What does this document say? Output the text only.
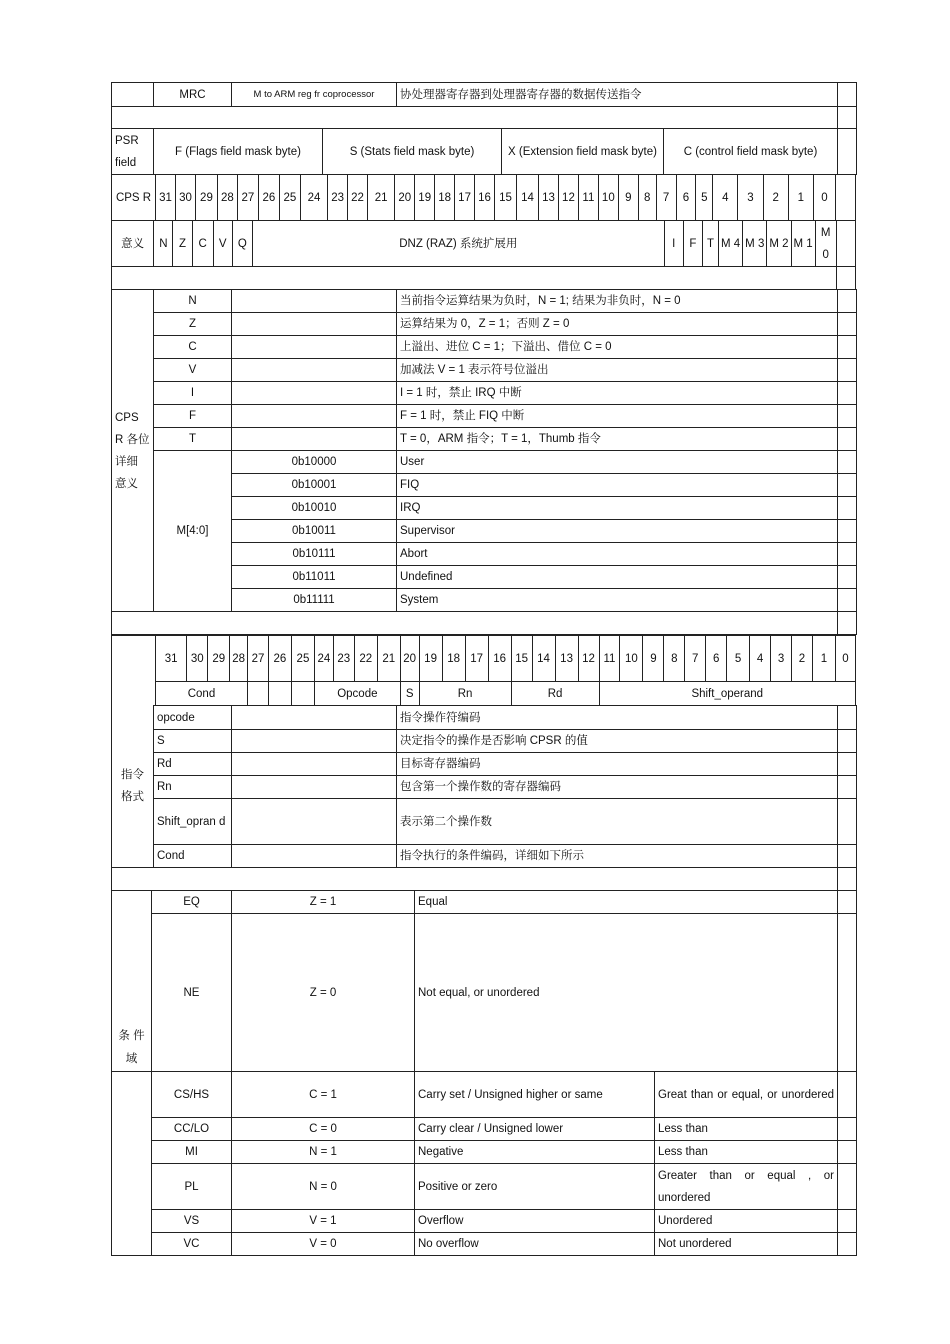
	MRC	M to ARM reg fr coprocessor	协处理器寄存器到处理器寄存器的数据传送指令	

PSR field	F (Flags field mask byte)	S (Stats field mask byte)	X (Extension field mask byte)	C (control field mask byte)	
CPS R	31	30	29	28	27	26	25	24	23	22	21	20	19	18	17	16	15	14	13	12	11	10	9	8	7	6	5	4	3	2	1	0	
意义	N	Z	C	V	Q	DNZ (RAZ) 系统扩展用	I	F	T	M 4	M 3	M 2	M 1	M 0	

CPS R 各位 详细 意义	N		当前指令运算结果为负时，N = 1; 结果为非负时，N = 0	
	Z		运算结果为 0，Z = 1；否则 Z = 0	
	C		上溢出、进位 C = 1；下溢出、借位 C = 0	
	V		加减法 V = 1 表示符号位溢出	
	I		I = 1 时，禁止 IRQ 中断	
	F		F = 1 时，禁止 FIQ 中断	
	T		T = 0，ARM 指令；T = 1，Thumb 指令	
	M[4:0]	0b10000	User	
		0b10001	FIQ	
		0b10010	IRQ	
		0b10011	Supervisor	
		0b10111	Abort	
		0b11011	Undefined	
		0b11111	System	

	31	30	29	28	27	26	25	24	23	22	21	20	19	18	17	16	15	14	13	12	11	10	9	8	7	6	5	4	3	2	1	0
	Cond							Opcode				S	Rn				Rd				Shift_operand											
指令 格式	opcode		指令操作符编码	
	S		决定指令的操作是否影响 CPSR 的值	
	Rd		目标寄存器编码	
	Rn		包含第一个操作数的寄存器编码	
	Shift_opran d		表示第二个操作数	
	Cond		指令执行的条件编码，详细如下所示	

条 件 域	EQ	Z = 1	Equal		
	NE	Z = 0	Not equal, or unordered		
	CS/HS	C = 1	Carry set / Unsigned higher or same	Great than or equal, or unordered	
	CC/LO	C = 0	Carry clear / Unsigned lower	Less than	
	MI	N = 1	Negative	Less than	
	PL	N = 0	Positive or zero	Greater than or equal , or unordered	
	VS	V = 1	Overflow	Unordered	
	VC	V = 0	No overflow	Not unordered	
